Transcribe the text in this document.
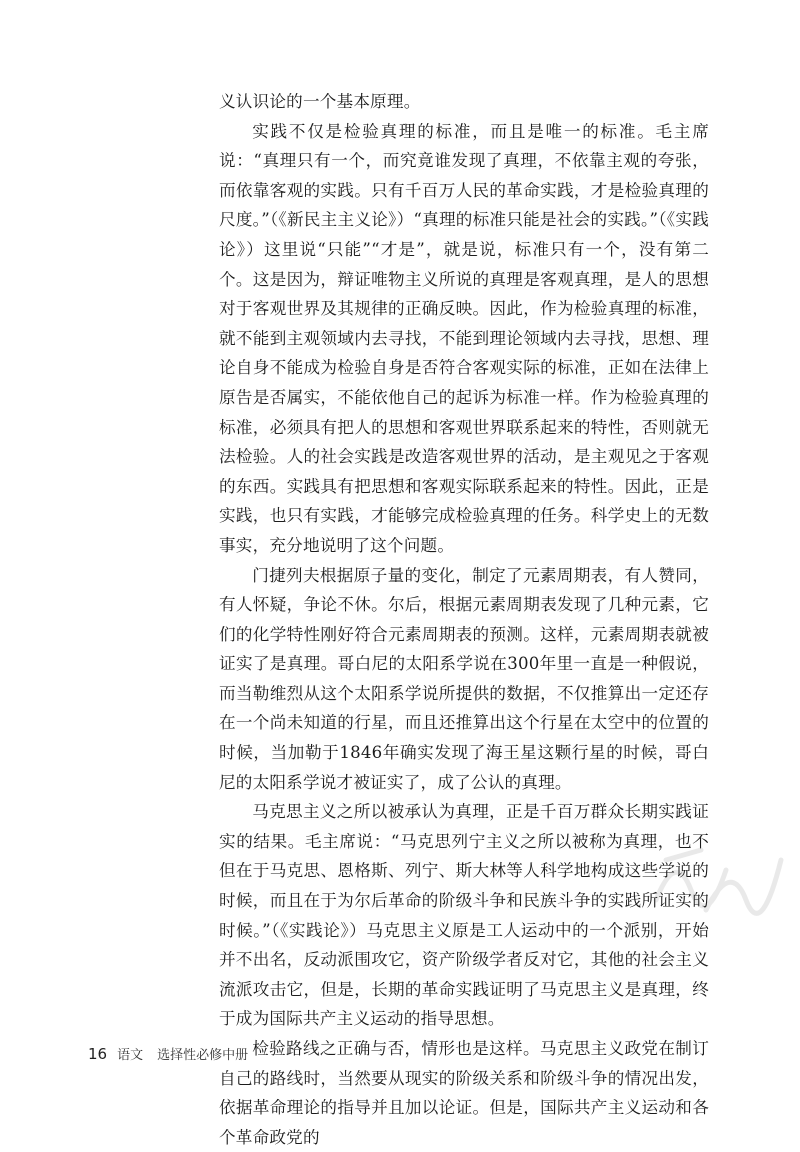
义认识论的一个基本原理。

实践不仅是检验真理的标准，而且是唯一的标准。毛主席说：“真理只有一个，而究竟谁发现了真理，不依靠主观的夸张，而依靠客观的实践。只有千百万人民的革命实践，才是检验真理的尺度。”（《新民主主义论》）“真理的标准只能是社会的实践。”（《实践论》）这里说“只能”“才是”，就是说，标准只有一个，没有第二个。这是因为，辩证唯物主义所说的真理是客观真理，是人的思想对于客观世界及其规律的正确反映。因此，作为检验真理的标准，就不能到主观领域内去寻找，不能到理论领域内去寻找，思想、理论自身不能成为检验自身是否符合客观实际的标准，正如在法律上原告是否属实，不能依他自己的起诉为标准一样。作为检验真理的标准，必须具有把人的思想和客观世界联系起来的特性，否则就无法检验。人的社会实践是改造客观世界的活动，是主观见之于客观的东西。实践具有把思想和客观实际联系起来的特性。因此，正是实践，也只有实践，才能够完成检验真理的任务。科学史上的无数事实，充分地说明了这个问题。

门捷列夫根据原子量的变化，制定了元素周期表，有人赞同，有人怀疑，争论不休。尔后，根据元素周期表发现了几种元素，它们的化学特性刚好符合元素周期表的预测。这样，元素周期表就被证实了是真理。哥白尼的太阳系学说在300年里一直是一种假说，而当勒维烈从这个太阳系学说所提供的数据，不仅推算出一定还存在一个尚未知道的行星，而且还推算出这个行星在太空中的位置的时候，当加勒于1846年确实发现了海王星这颗行星的时候，哥白尼的太阳系学说才被证实了，成了公认的真理。

马克思主义之所以被承认为真理，正是千百万群众长期实践证实的结果。毛主席说：“马克思列宁主义之所以被称为真理，也不但在于马克思、恩格斯、列宁、斯大林等人科学地构成这些学说的时候，而且在于为尔后革命的阶级斗争和民族斗争的实践所证实的时候。”（《实践论》）马克思主义原是工人运动中的一个派别，开始并不出名，反动派围攻它，资产阶级学者反对它，其他的社会主义流派攻击它，但是，长期的革命实践证明了马克思主义是真理，终于成为国际共产主义运动的指导思想。

检验路线之正确与否，情形也是这样。马克思主义政党在制订自己的路线时，当然要从现实的阶级关系和阶级斗争的情况出发，依据革命理论的指导并且加以论证。但是，国际共产主义运动和各个革命政党的

16 语文 选择性必修中册
